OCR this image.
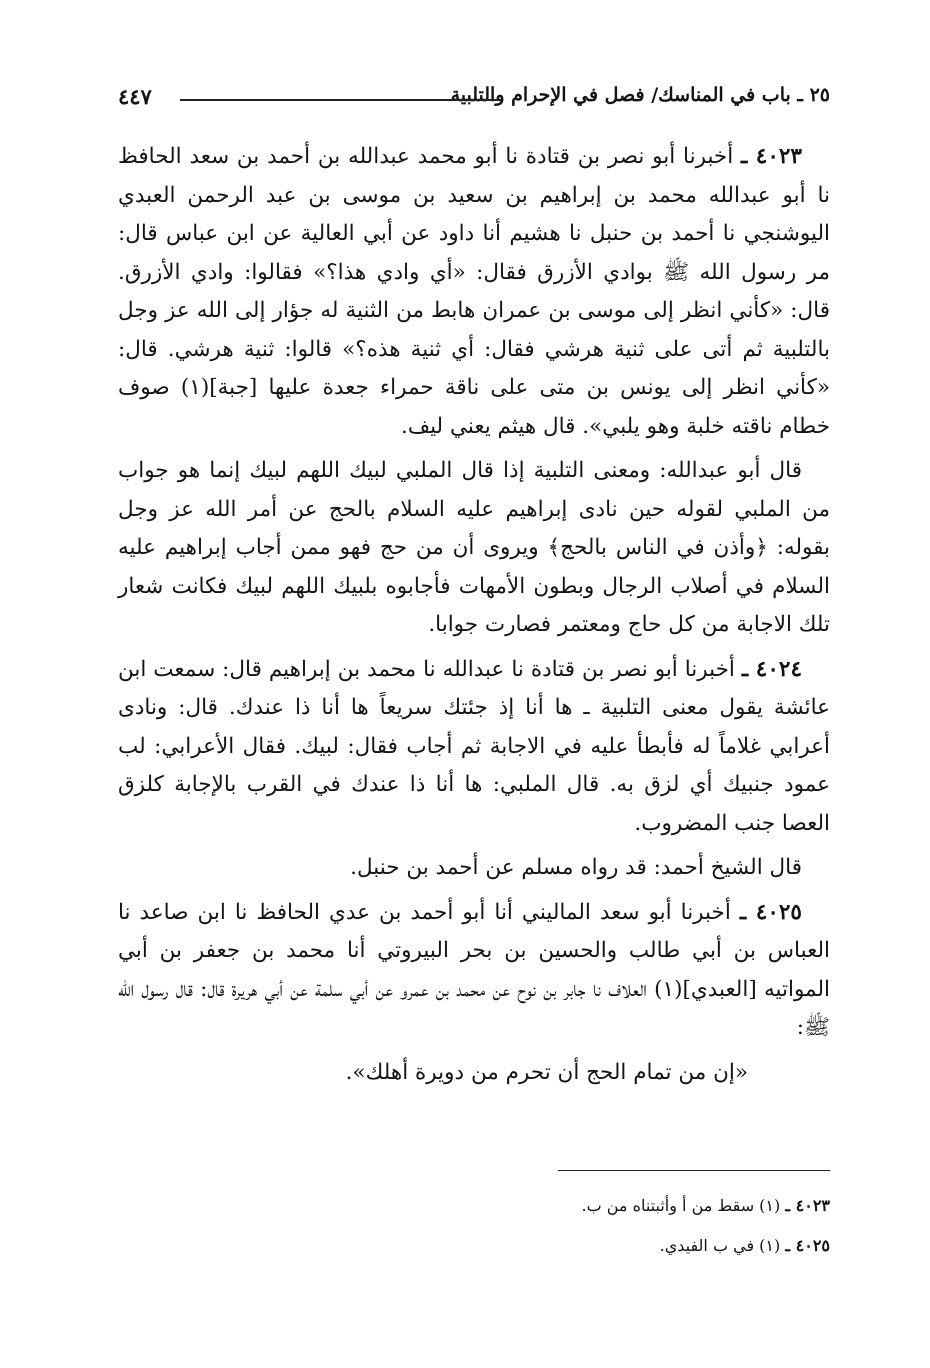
٢٥ ـ باب في المناسك/ فصل في الإحرام والتلبية
٤٤٧

٤٠٢٣ ـ أخبرنا أبو نصر بن قتادة نا أبو محمد عبدالله بن أحمد بن سعد الحافظ نا أبو عبدالله محمد بن إبراهيم بن سعيد بن موسى بن عبد الرحمن العبدي اليوشنجي نا أحمد بن حنبل نا هشيم أنا داود عن أبي العالية عن ابن عباس قال: مر رسول الله ﷺ بوادي الأزرق فقال: «أي وادي هذا؟» فقالوا: وادي الأزرق. قال: «كأني انظر إلى موسى بن عمران هابط من الثنية له جؤار إلى الله عز وجل بالتلبية ثم أتى على ثنية هرشي فقال: أي ثنية هذه؟» قالوا: ثنية هرشي. قال: «كأني انظر إلى يونس بن متى على ناقة حمراء جعدة عليها [جبة](١) صوف خطام ناقته خلبة وهو يلبي». قال هيثم يعني ليف.

قال أبو عبدالله: ومعنى التلبية إذا قال الملبي لبيك اللهم لبيك إنما هو جواب من الملبي لقوله حين نادى إبراهيم عليه السلام بالحج عن أمر الله عز وجل بقوله: ﴿وأذن في الناس بالحج﴾ ويروى أن من حج فهو ممن أجاب إبراهيم عليه السلام في أصلاب الرجال وبطون الأمهات فأجابوه بلبيك اللهم لبيك فكانت شعار تلك الاجابة من كل حاج ومعتمر فصارت جوابا.

٤٠٢٤ ـ أخبرنا أبو نصر بن قتادة نا عبدالله نا محمد بن إبراهيم قال: سمعت ابن عائشة يقول معنى التلبية ـ ها أنا إذ جئتك سريعاً ها أنا ذا عندك. قال: ونادى أعرابي غلاماً له فأبطأ عليه في الاجابة ثم أجاب فقال: لبيك. فقال الأعرابي: لب عمود جنبيك أي لزق به. قال الملبي: ها أنا ذا عندك في القرب بالإجابة كلزق العصا جنب المضروب.

قال الشيخ أحمد: قد رواه مسلم عن أحمد بن حنبل.

٤٠٢٥ ـ أخبرنا أبو سعد الماليني أنا أبو أحمد بن عدي الحافظ نا ابن صاعد نا العباس بن أبي طالب والحسين بن بحر البيروتي أنا محمد بن جعفر بن أبي المواتيه [العبدي](١) العلاف نا جابر بن نوح عن محمد بن عمرو عن أبي سلمة عن أبي هريرة قال: قال رسول الله ﷺ:

«إن من تمام الحج أن تحرم من دويرة أهلك».

٤٠٢٣ ـ (١) سقط من أ وأثبتناه من ب.

٤٠٢٥ ـ (١) في ب الفيدي.
